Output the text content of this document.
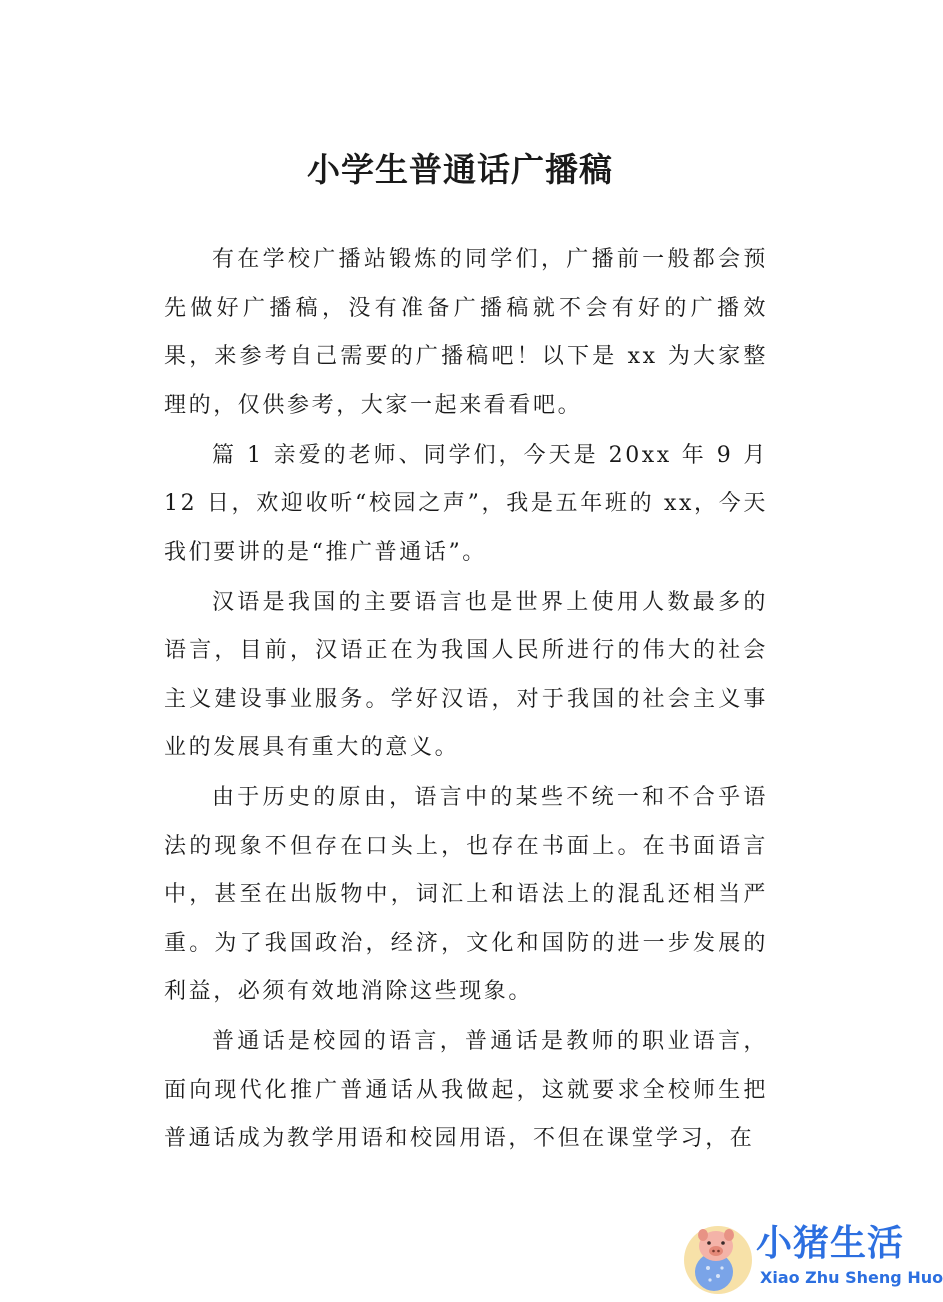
小学生普通话广播稿

有在学校广播站锻炼的同学们，广播前一般都会预先做好广播稿，没有准备广播稿就不会有好的广播效果，来参考自己需要的广播稿吧！以下是 xx 为大家整理的，仅供参考，大家一起来看看吧。

篇 1 亲爱的老师、同学们，今天是 20xx 年 9 月 12 日，欢迎收听“校园之声”，我是五年班的 xx，今天我们要讲的是“推广普通话”。

汉语是我国的主要语言也是世界上使用人数最多的语言，目前，汉语正在为我国人民所进行的伟大的社会主义建设事业服务。学好汉语，对于我国的社会主义事业的发展具有重大的意义。

由于历史的原由，语言中的某些不统一和不合乎语法的现象不但存在口头上，也存在书面上。在书面语言中，甚至在出版物中，词汇上和语法上的混乱还相当严重。为了我国政治，经济，文化和国防的进一步发展的利益，必须有效地消除这些现象。

普通话是校园的语言，普通话是教师的职业语言，面向现代化推广普通话从我做起，这就要求全校师生把普通话成为教学用语和校园用语，不但在课堂学习，在

小猪生活
Xiao Zhu Sheng Huo
